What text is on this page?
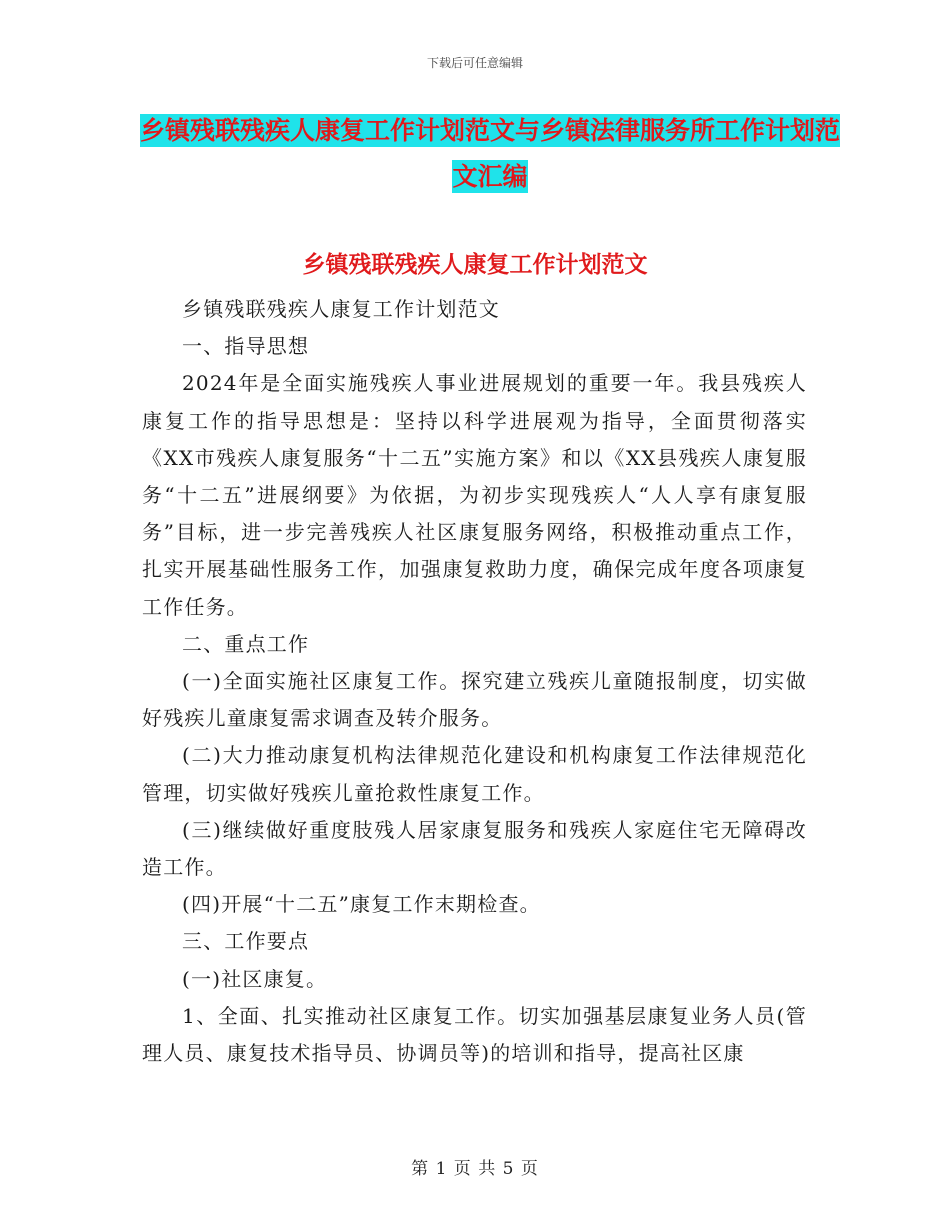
下载后可任意编辑
乡镇残联残疾人康复工作计划范文与乡镇法律服务所工作计划范文汇编
乡镇残联残疾人康复工作计划范文

乡镇残联残疾人康复工作计划范文

一、指导思想

2024年是全面实施残疾人事业进展规划的重要一年。我县残疾人康复工作的指导思想是：坚持以科学进展观为指导，全面贯彻落实《XX市残疾人康复服务“十二五”实施方案》和以《XX县残疾人康复服务“十二五”进展纲要》为依据，为初步实现残疾人“人人享有康复服务”目标，进一步完善残疾人社区康复服务网络，积极推动重点工作，扎实开展基础性服务工作，加强康复救助力度，确保完成年度各项康复工作任务。

二、重点工作

(一)全面实施社区康复工作。探究建立残疾儿童随报制度，切实做好残疾儿童康复需求调查及转介服务。

(二)大力推动康复机构法律规范化建设和机构康复工作法律规范化管理，切实做好残疾儿童抢救性康复工作。

(三)继续做好重度肢残人居家康复服务和残疾人家庭住宅无障碍改造工作。

(四)开展“十二五”康复工作末期检查。

三、工作要点

(一)社区康复。

1、全面、扎实推动社区康复工作。切实加强基层康复业务人员(管理人员、康复技术指导员、协调员等)的培训和指导，提高社区康

第 1 页 共 5 页
